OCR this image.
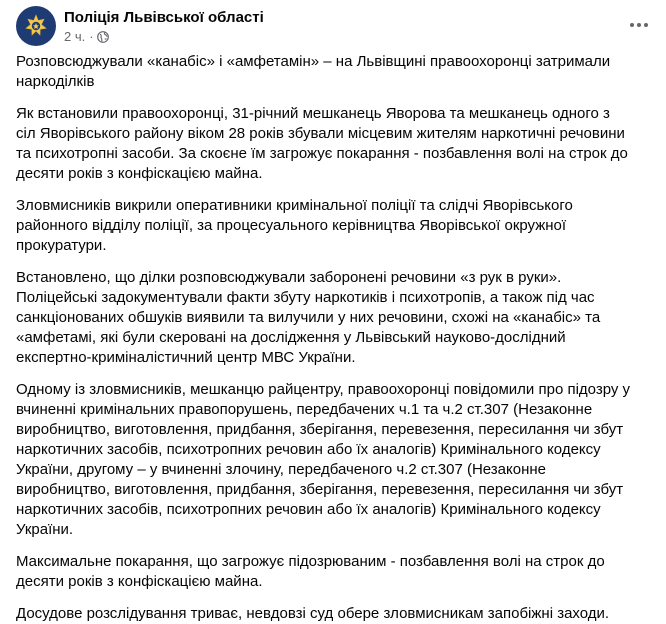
Поліція Львівської області
2 ч. ·

Розповсюджували «канабіс» і «амфетамін» – на Львівщині правоохоронці затримали наркоділків

Як встановили правоохоронці, 31-річний мешканець Яворова та мешканець одного з сіл Яворівського району віком 28 років збували місцевим жителям наркотичні речовини та психотропні засоби. За скоєне їм загрожує покарання - позбавлення волі на строк до десяти років з конфіскацією майна.

Зловмисників викрили оперативники кримінальної поліції та слідчі Яворівського районного відділу поліції, за процесуального керівництва Яворівської окружної прокуратури.

Встановлено, що ділки розповсюджували заборонені речовини «з рук в руки». Поліцейські задокументували факти збуту наркотиків і психотропів, а також під час санкціонованих обшуків виявили та вилучили у них речовини, схожі на «канабіс» та «амфетамі, які були скеровані на дослідження у Львівський науково-дослідний експертно-криміналістичний центр МВС України.

Одному із зловмисників, мешканцю райцентру, правоохоронці повідомили про підозру у вчиненні кримінальних правопорушень, передбачених ч.1 та ч.2 ст.307 (Незаконне виробництво, виготовлення, придбання, зберігання, перевезення, пересилання чи збут наркотичних засобів, психотропних речовин або їх аналогів) Кримінального кодексу України, другому – у вчиненні злочину, передбаченого ч.2 ст.307 (Незаконне виробництво, виготовлення, придбання, зберігання, перевезення, пересилання чи збут наркотичних засобів, психотропних речовин або їх аналогів) Кримінального кодексу України.

Максимальне покарання, що загрожує підозрюваним - позбавлення волі на строк до десяти років з конфіскацією майна.

Досудове розслідування триває, невдовзі суд обере зловмисникам запобіжні заходи.
